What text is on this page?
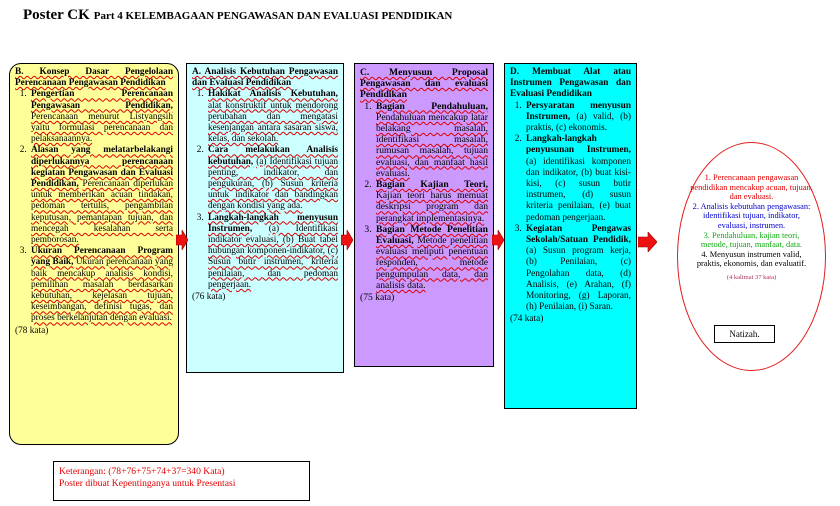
Poster CK Part 4 KELEMBAGAAN PENGAWASAN DAN EVALUASI PENDIDIKAN
B. Konsep Dasar Pengelolaan Perencanaan Pengawasan Pendidikan
1. Pengertian Perencanaan Pengawasan Pendidikan, Perencanaan menurut Listyangsih yaitu formulasi perencanaan dan pelaksanaannya.
2. Alasan yang melatarbelakangi diperlukannya perencanaan kegiatan Pengawasan dan Evaluasi Pendidikan, Perencanaan diperlukan untuk memberikan acuan tindakan, pedoman tertulis, pengambilan keputusan, pemantapan tujuan, dan mencegah kesalahan serta pemborosan.
3. Ukuran Perencanaan Program yang Baik, Ukuran perencanaan yang baik mencakup analisis kondisi, pemilihan masalah berdasarkan kebutuhan, kejelasan tujuan, keseimbangan, definisi tugas, dan proses berkelanjutan dengan evaluasi.
(78 kata)
A. Analisis Kebutuhan Pengawasan dan Evaluasi Pendidikan
1. Hakikat Analisis Kebutuhan, alat konstruktif untuk mendorong perubahan dan mengatasi kesenjangan antara sasaran siswa, kelas, dan sekolah.
2. Cara melakukan Analisis kebutuhan, (a) Identifikasi tujuan penting, indikator, dan pengukuran, (b) Susun kriteria untuk indikator dan bandingkan dengan kondisi yang ada.
3. Langkah-langkah menyusun Instrumen, (a) Identifikasi indikator evaluasi, (b) Buat tabel hubungan komponen-indikator, (c) Susun butir instrumen, kriteria penilaian, dan pedoman pengerjaan.
(76 kata)
C. Menyusun Proposal Pengawasan dan evaluasi Pendidikan
1. Bagian Pendahuluan, Pendahuluan mencakup latar belakang masalah, identifikasi masalah, rumusan masalah, tujuan evaluasi, dan manfaat hasil evaluasi.
2. Bagian Kajian Teori, Kajian teori harus memuat deskripsi program dan perangkat implementasinya.
3. Bagian Metode Penelitian Evaluasi, Metode penelitian evaluasi meliputi penentuan responden, metode pengumpulan data, dan analisis data.
(75 kata)
D. Membuat Alat atau Instrumen Pengawasan dan Evaluasi Pendidikan
1. Persyaratan menyusun Instrumen, (a) valid, (b) praktis, (c) ekonomis.
2. Langkah-langkah penyusunan Instrumen, (a) identifikasi komponen dan indikator, (b) buat kisi-kisi, (c) susun butir instrumen, (d) susun kriteria penilaian, (e) buat pedoman pengerjaan.
3. Kegiatan Pengawas Sekolah/Satuan Pendidik, (a) Susun program kerja, (b) Penilaian, (c) Pengolahan data, (d) Analisis, (e) Arahan, (f) Monitoring, (g) Laporan, (h) Penilaian, (i) Saran.
(74 kata)
1. Perencanaan pengawasan pendidikan mencakup acuan, tujuan, dan evaluasi.
2. Analisis kebutuhan pengawasan: identifikasi tujuan, indikator, evaluasi, instrumen.
3. Pendahuluan, kajian teori, metode, tujuan, manfaat, data.
4. Menyusun instrumen valid, praktis, ekonomis, dan evaluatif.
(4 kalimat 37 kata)
Natizah.
Keterangan: (78+76+75+74+37=340 Kata)
Poster dibuat Kepentinganya untuk Presentasi
